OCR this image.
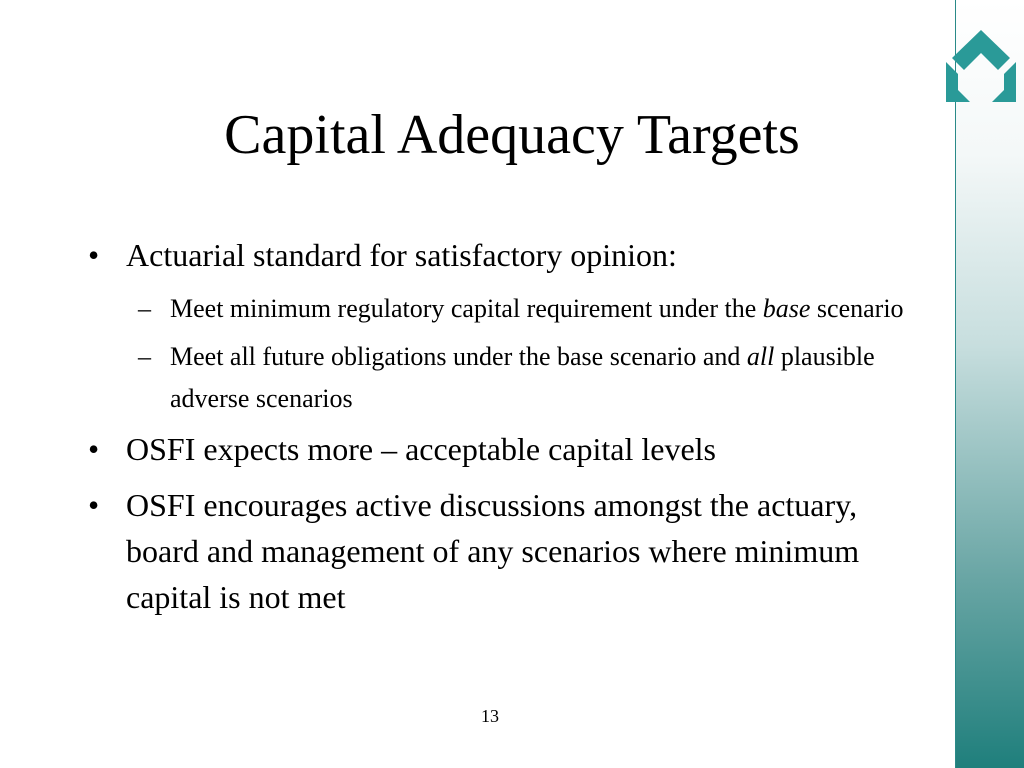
Capital Adequacy Targets
• Actuarial standard for satisfactory opinion:
– Meet minimum regulatory capital requirement under the base scenario
– Meet all future obligations under the base scenario and all plausible adverse scenarios
• OSFI expects more – acceptable capital levels
• OSFI encourages active discussions amongst the actuary, board and management of any scenarios where minimum capital is not met
13
